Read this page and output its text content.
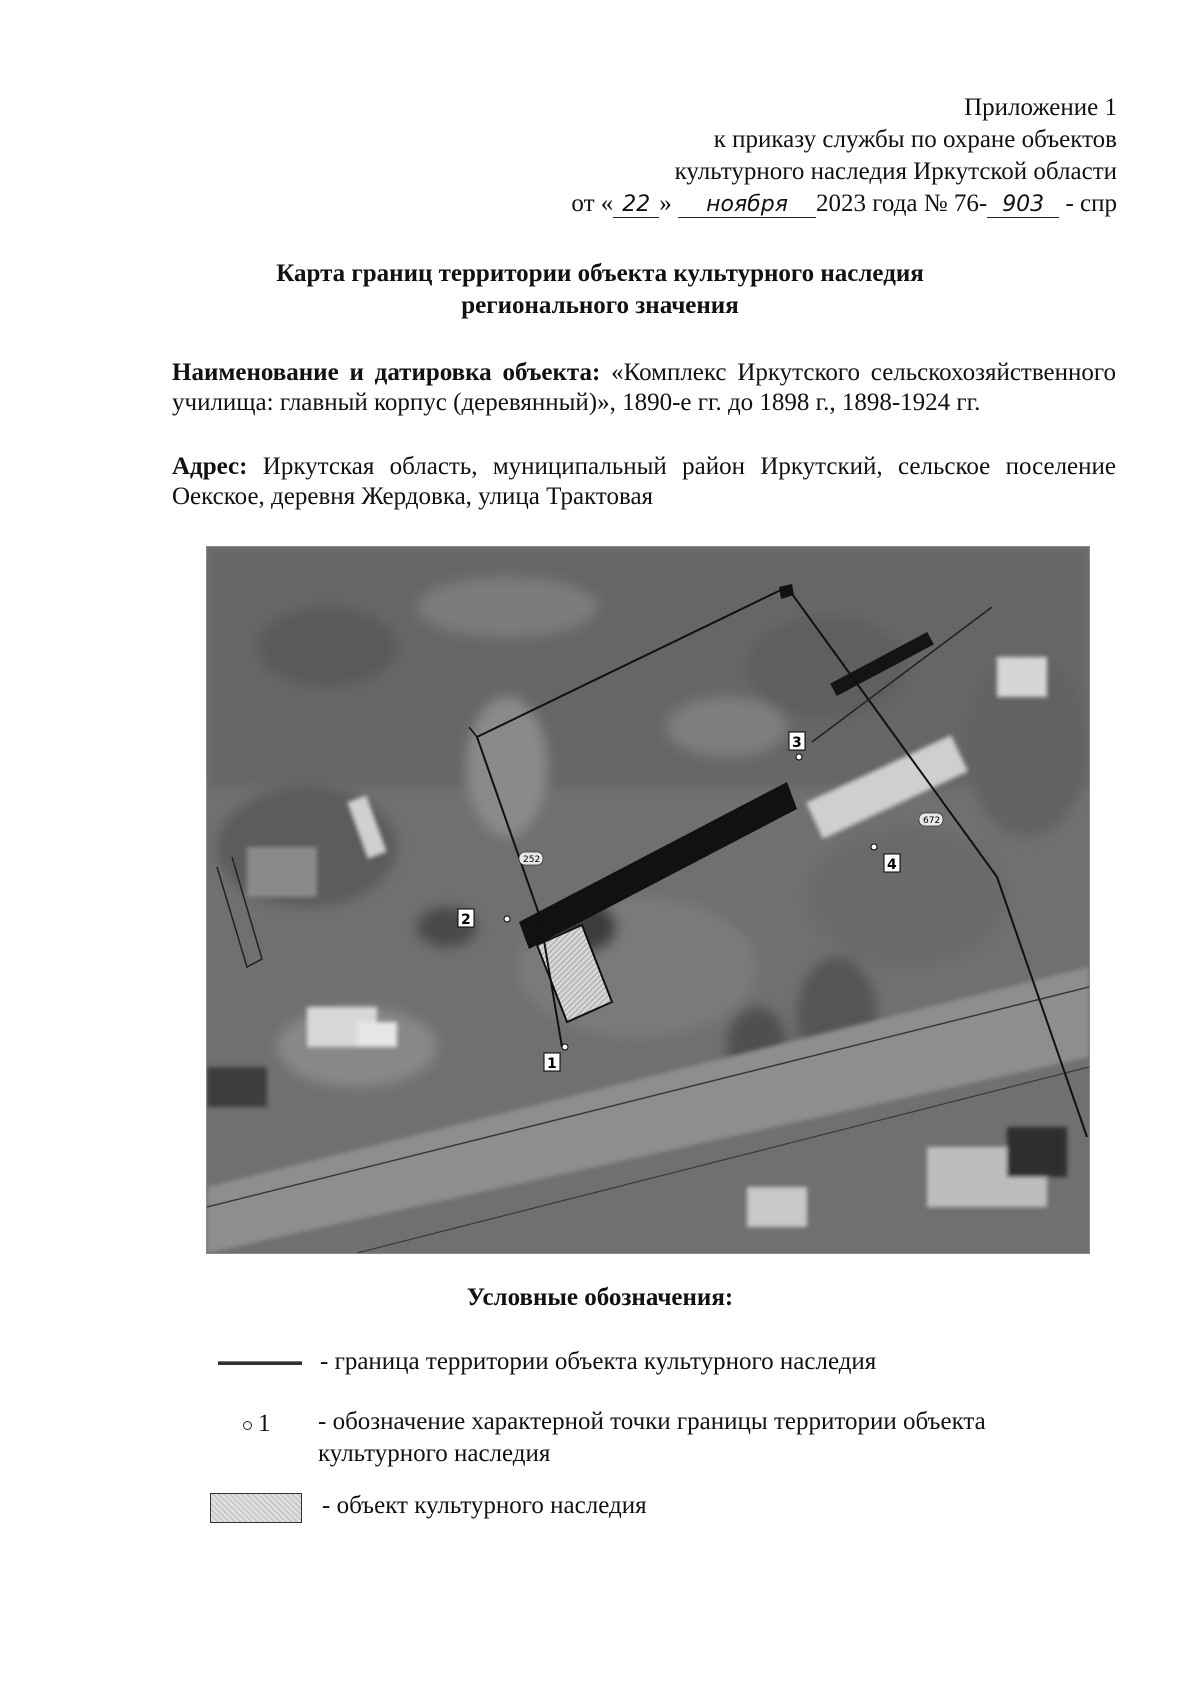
Приложение 1
к приказу службы по охране объектов
культурного наследия Иркутской области
от « 22 » ноября 2023 года № 76- 903 - спр
Карта границ территории объекта культурного наследия
регионального значения
Наименование и датировка объекта: «Комплекс Иркутского сельскохозяйственного училища: главный корпус (деревянный)», 1890-е гг. до 1898 г., 1898-1924 гг.
Адрес: Иркутская область, муниципальный район Иркутский, сельское поселение Оекское, деревня Жердовка, улица Трактовая
1
2
3
4
252
672
Условные обозначения:
- граница территории объекта культурного наследия
1 - обозначение характерной точки границы территории объекта культурного наследия
- объект культурного наследия
